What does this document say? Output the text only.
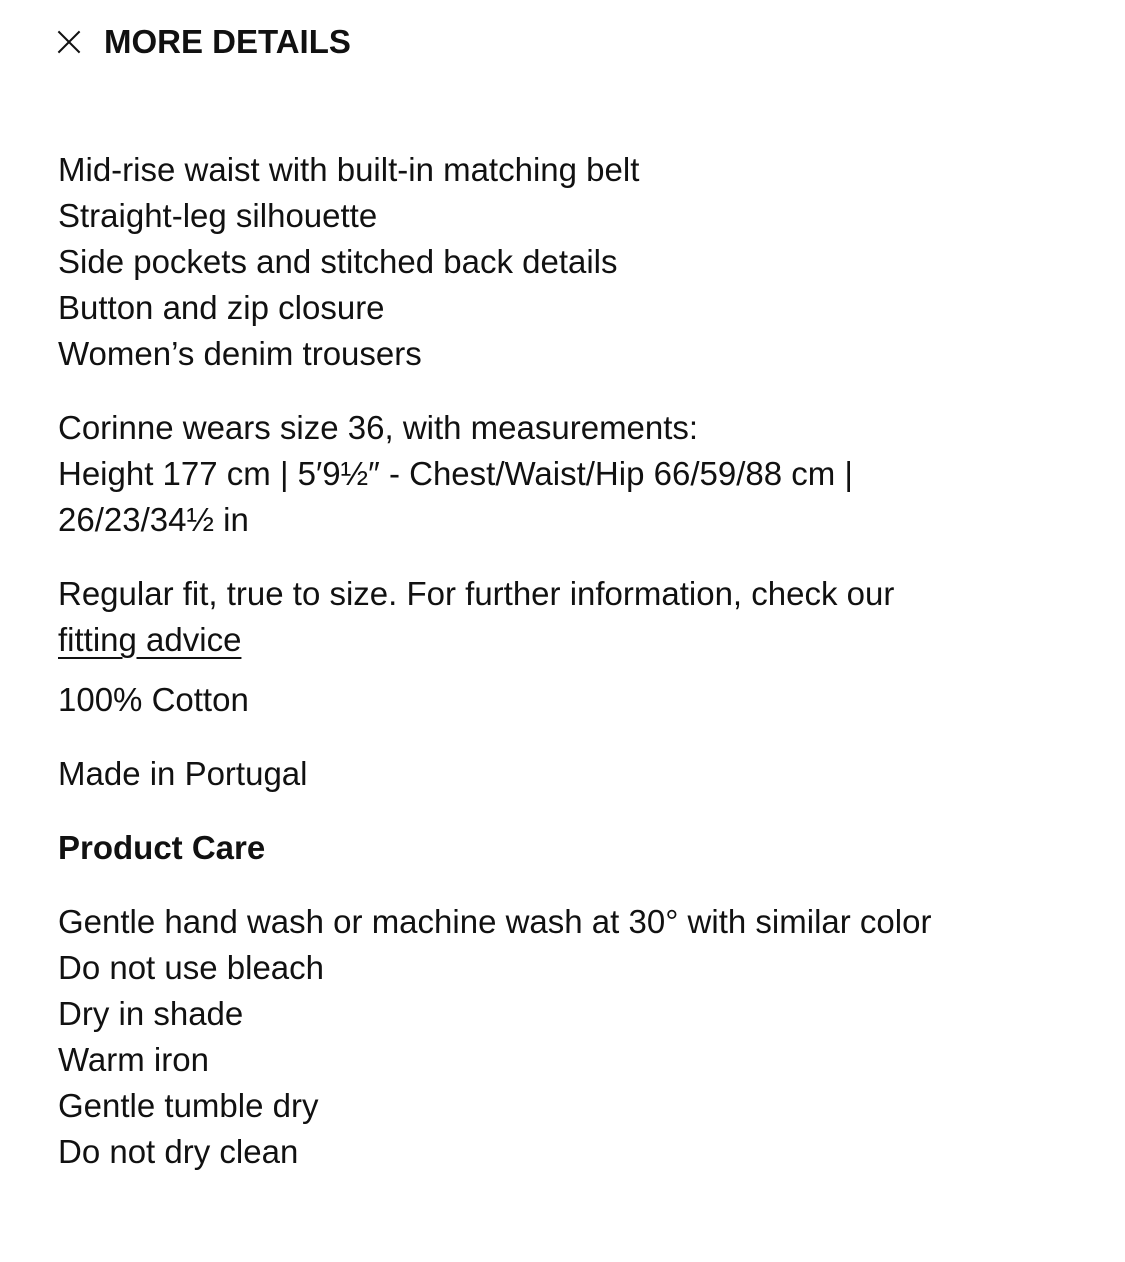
MORE DETAILS
Mid-rise waist with built-in matching belt
Straight-leg silhouette
Side pockets and stitched back details
Button and zip closure
Women’s denim trousers
Corinne wears size 36, with measurements:
Height 177 cm | 5′9½″ - Chest/Waist/Hip 66/59/88 cm |
26/23/34½ in
Regular fit, true to size. For further information, check our
fitting advice
100% Cotton
Made in Portugal
Product Care
Gentle hand wash or machine wash at 30° with similar color
Do not use bleach
Dry in shade
Warm iron
Gentle tumble dry
Do not dry clean
